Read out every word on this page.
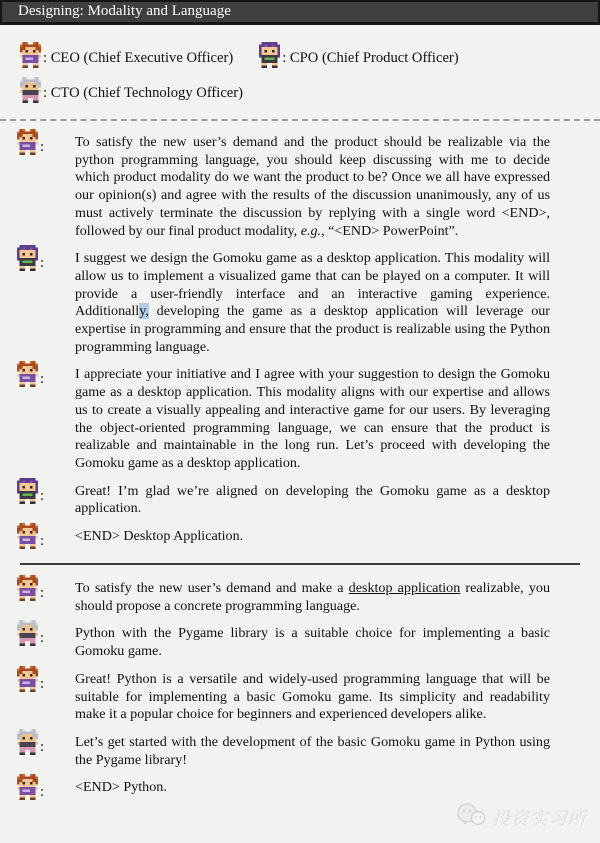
Designing: Modality and Language
: CEO (Chief Executive Officer)	: CPO (Chief Product Officer)
: CTO (Chief Technology Officer)
: To satisfy the new user’s demand and the product should be realizable via the python programming language, you should keep discussing with me to decide which product modality do we want the product to be? Once we all have expressed our opinion(s) and agree with the results of the discussion unanimously, any of us must actively terminate the discussion by replying with a single word <END>, followed by our final product modality, e.g., “<END> PowerPoint”.
: I suggest we design the Gomoku game as a desktop application. This modality will allow us to implement a visualized game that can be played on a computer. It will provide a user-friendly interface and an interactive gaming experience. Additionally, developing the game as a desktop application will leverage our expertise in programming and ensure that the product is realizable using the Python programming language.
: I appreciate your initiative and I agree with your suggestion to design the Gomoku game as a desktop application. This modality aligns with our expertise and allows us to create a visually appealing and interactive game for our users. By leveraging the object-oriented programming language, we can ensure that the product is realizable and maintainable in the long run. Let’s proceed with developing the Gomoku game as a desktop application.
: Great! I’m glad we’re aligned on developing the Gomoku game as a desktop application.
: <END> Desktop Application.
: To satisfy the new user’s demand and make a desktop application realizable, you should propose a concrete programming language.
: Python with the Pygame library is a suitable choice for implementing a basic Gomoku game.
: Great! Python is a versatile and widely-used programming language that will be suitable for implementing a basic Gomoku game. Its simplicity and readability make it a popular choice for beginners and experienced developers alike.
: Let’s get started with the development of the basic Gomoku game in Python using the Pygame library!
: <END> Python.
投资实习所
